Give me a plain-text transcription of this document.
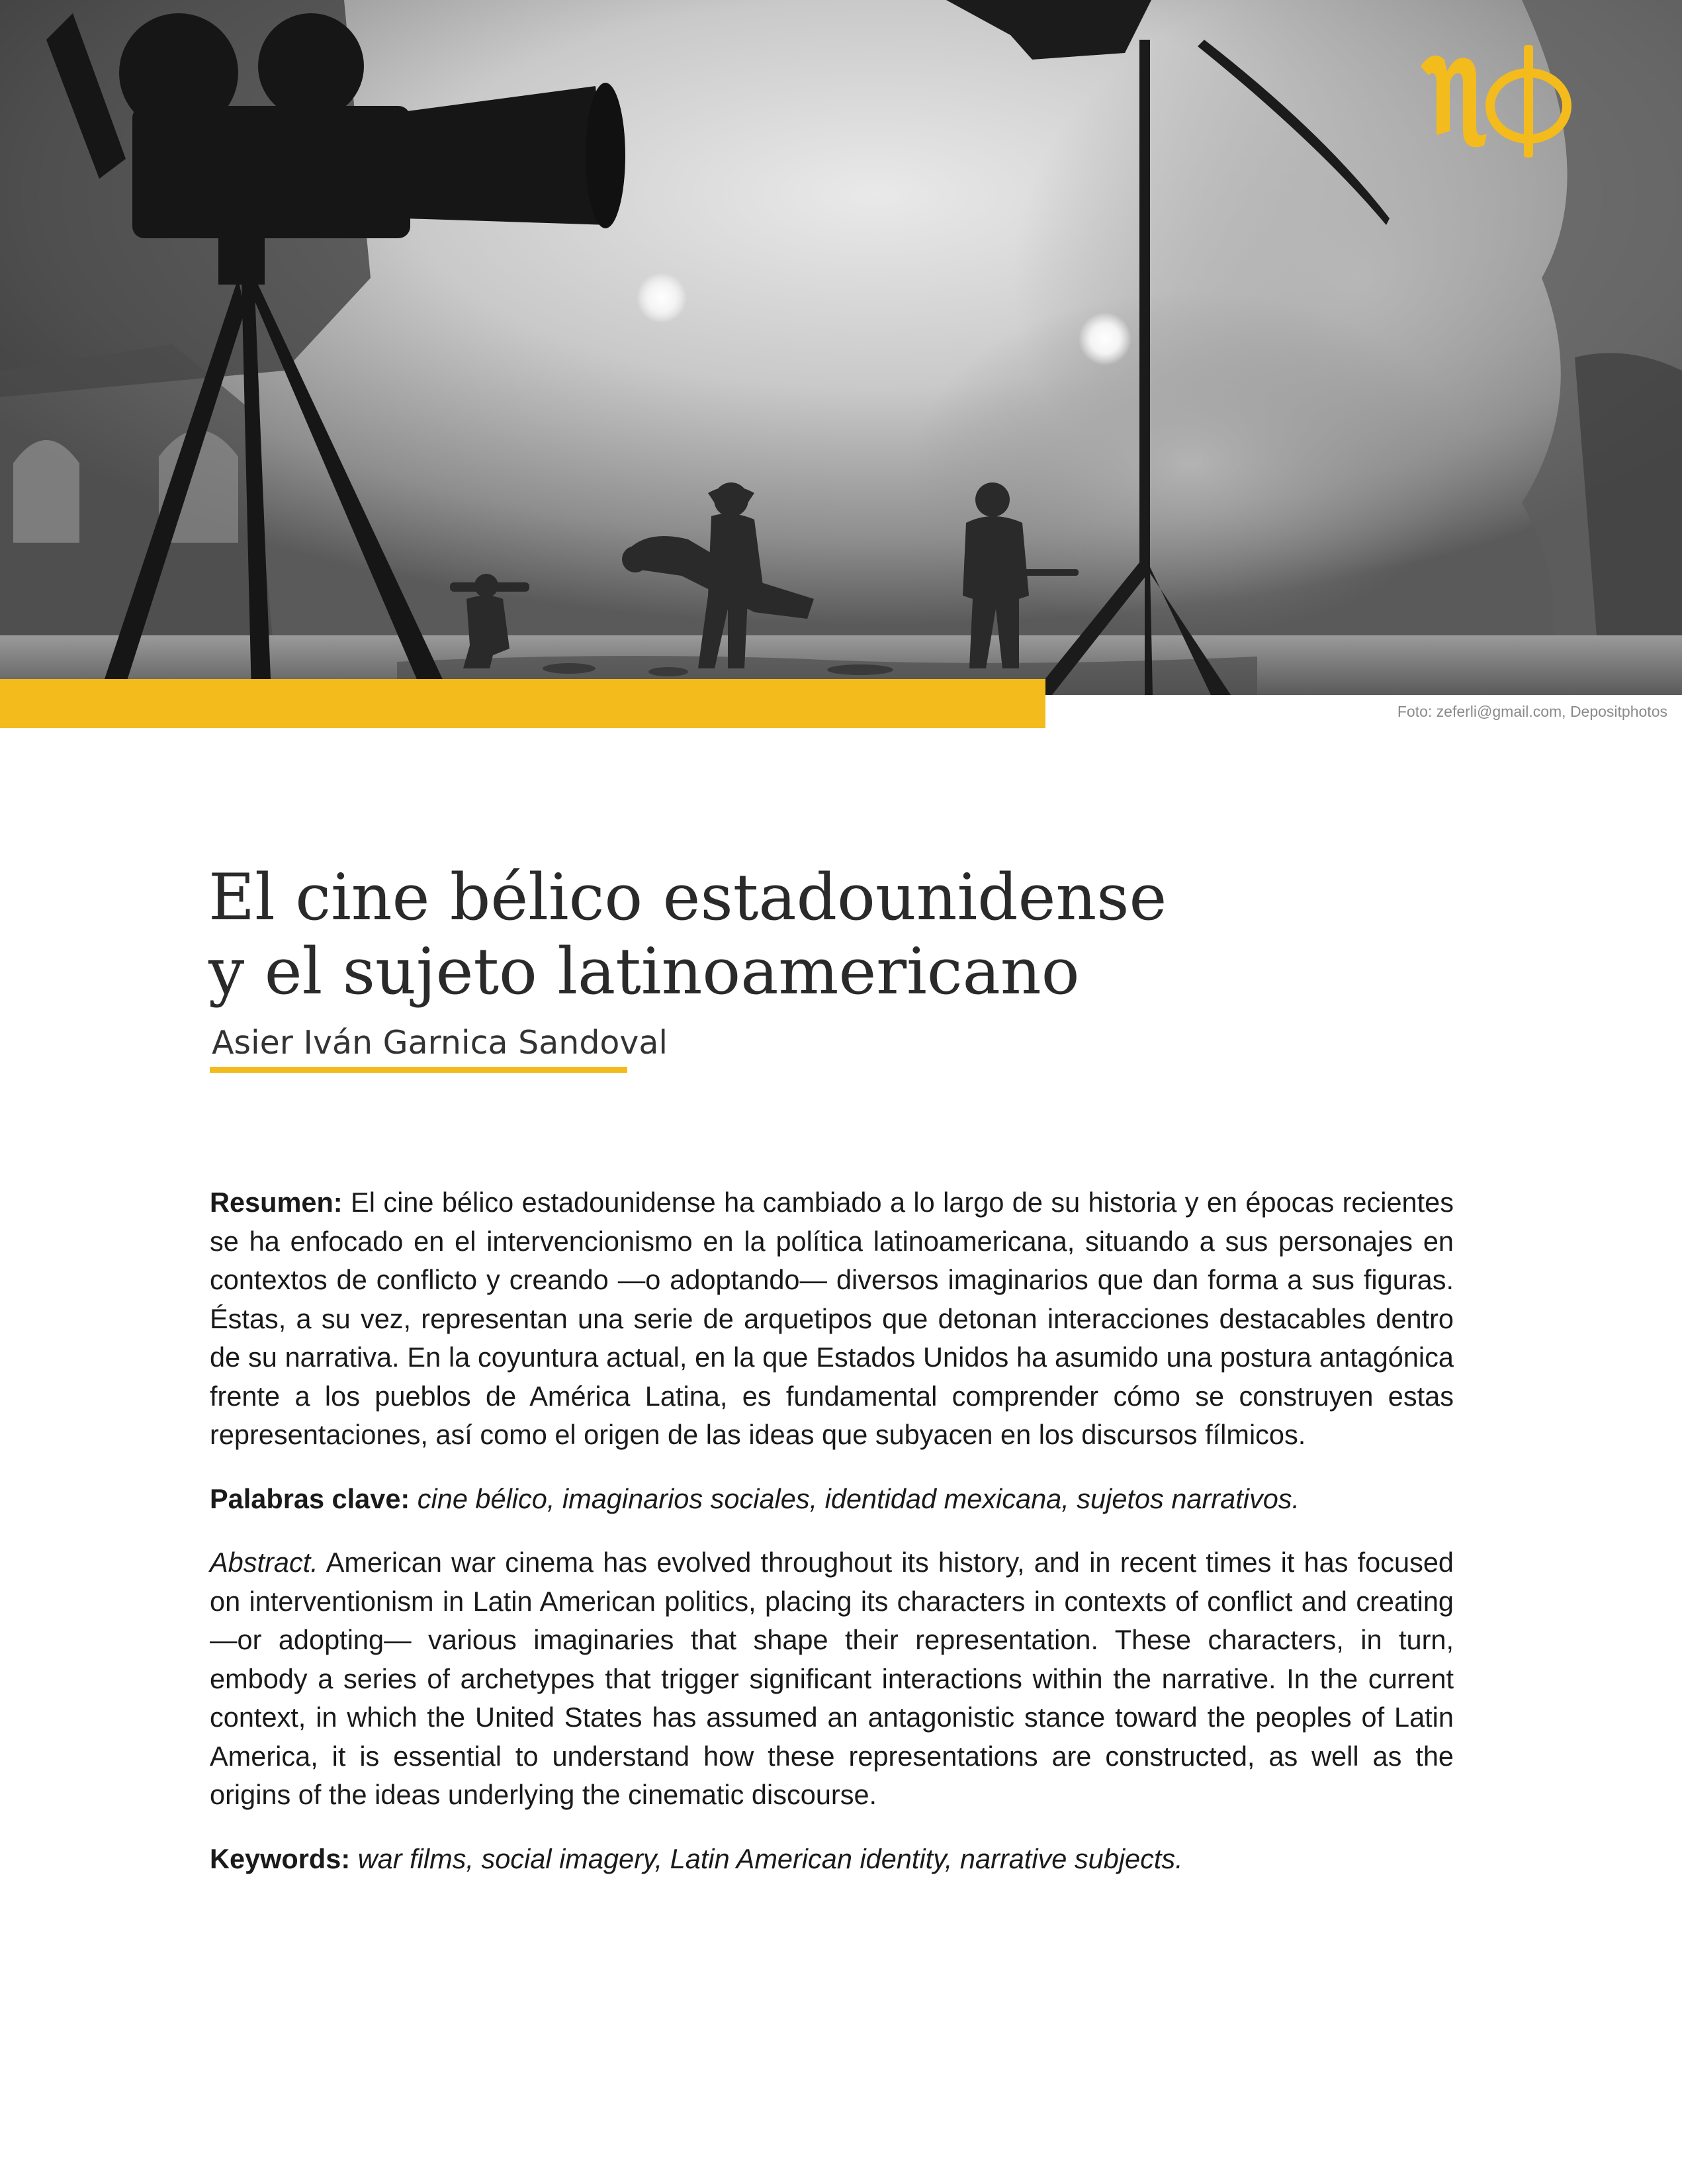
Foto: zeferli@gmail.com, Depositphotos
El cine bélico estadounidense
y el sujeto latinoamericano
Asier Iván Garnica Sandoval

Resumen: El cine bélico estadounidense ha cambiado a lo largo de su historia y en épocas recientes se ha enfocado en el intervencionismo en la política latinoamericana, situando a sus personajes en contextos de conflicto y creando —o adoptando— diversos imaginarios que dan forma a sus figuras. Éstas, a su vez, representan una serie de arquetipos que detonan interacciones destacables dentro de su narrativa. En la coyuntura actual, en la que Estados Unidos ha asumido una postura antagónica frente a los pueblos de América Latina, es fundamental comprender cómo se construyen estas representaciones, así como el origen de las ideas que subyacen en los discursos fílmicos.

Palabras clave: cine bélico, imaginarios sociales, identidad mexicana, sujetos narrativos.

Abstract. American war cinema has evolved throughout its history, and in recent times it has focused on interventionism in Latin American politics, placing its characters in contexts of conflict and creating —or adopting— various imaginaries that shape their representation. These characters, in turn, embody a series of archetypes that trigger significant interactions within the narrative. In the current context, in which the United States has assumed an antagonistic stance toward the peoples of Latin America, it is essential to understand how these representations are constructed, as well as the origins of the ideas underlying the cinematic discourse.

Keywords: war films, social imagery, Latin American identity, narrative subjects.
